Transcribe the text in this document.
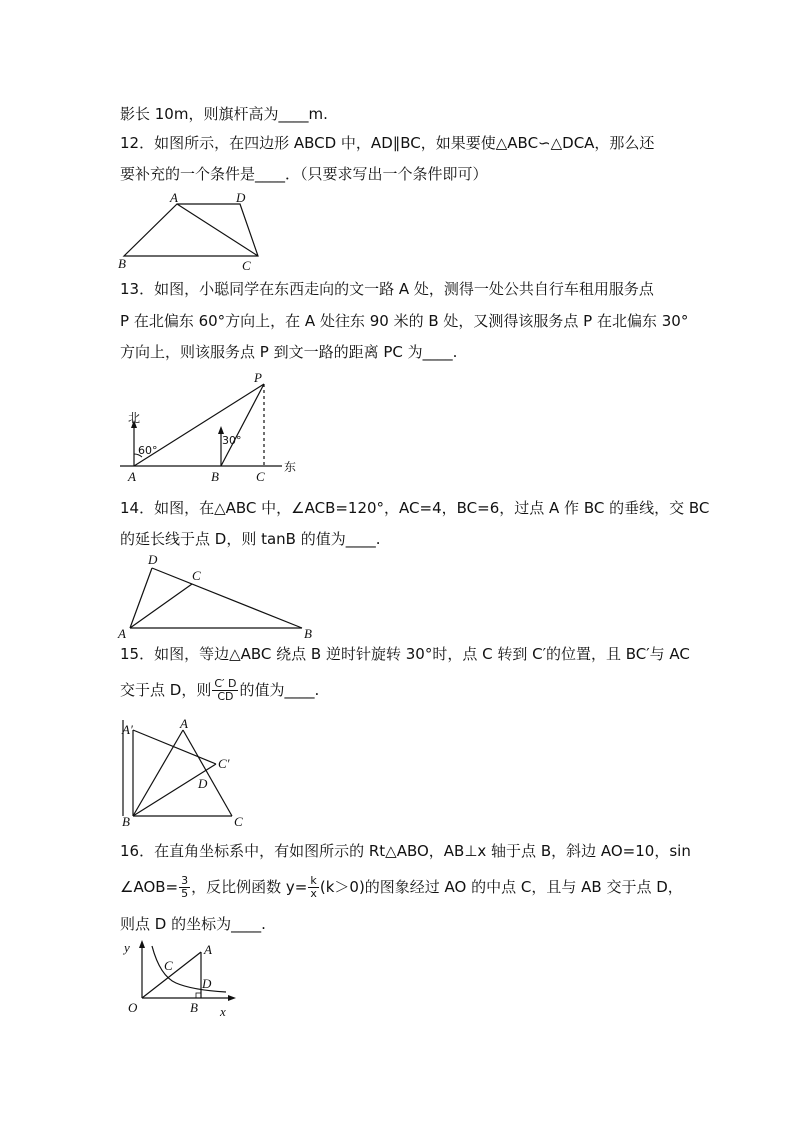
影长 10m，则旗杆高为____m.
12．如图所示，在四边形 ABCD 中，AD∥BC，如果要使△ABC∽△DCA，那么还
要补充的一个条件是____．（只要求写出一个条件即可）
A	D
B	C
13．如图，小聪同学在东西走向的文一路 A 处，测得一处公共自行车租用服务点
P 在北偏东 60°方向上，在 A 处往东 90 米的 B 处，又测得该服务点 P 在北偏东 30°
方向上，则该服务点 P 到文一路的距离 PC 为____.
北
60°
30°
A	B	C
P
东
14．如图，在△ABC 中，∠ACB=120°，AC=4，BC=6，过点 A 作 BC 的垂线，交 BC
的延长线于点 D，则 tanB 的值为____.
D
C
A	B
15．如图，等边△ABC 绕点 B 逆时针旋转 30°时，点 C 转到 C′的位置，且 BC′与 AC
交于点 D，则 $\frac{C' D}{CD}$ 的值为____.
A′	A
C′
D
B	C
16．在直角坐标系中，有如图所示的 Rt△ABO，AB⊥x 轴于点 B，斜边 AO=10，sin
∠AOB= $\frac{3}{5}$ ，反比例函数 $y= \frac{k}{x} (k>0)$的图象经过 AO 的中点 C，且与 AB 交于点 D，
则点 D 的坐标为____.
y	A
C
D
O	B x
